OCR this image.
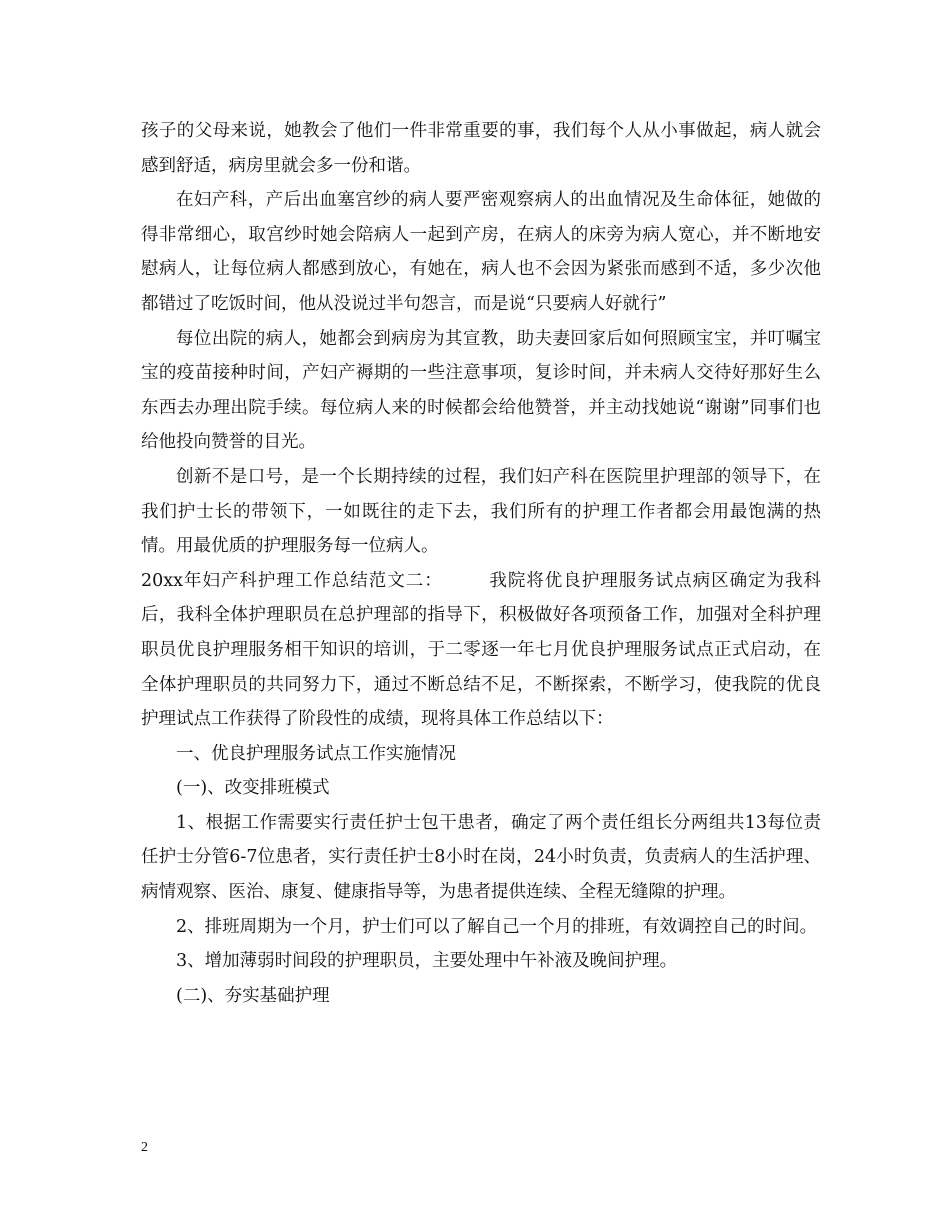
孩子的父母来说，她教会了他们一件非常重要的事，我们每个人从小事做起，病人就会感到舒适，病房里就会多一份和谐。

在妇产科，产后出血塞宫纱的病人要严密观察病人的出血情况及生命体征，她做的得非常细心，取宫纱时她会陪病人一起到产房，在病人的床旁为病人宽心，并不断地安慰病人，让每位病人都感到放心，有她在，病人也不会因为紧张而感到不适，多少次他都错过了吃饭时间，他从没说过半句怨言，而是说“只要病人好就行”

每位出院的病人，她都会到病房为其宣教，助夫妻回家后如何照顾宝宝，并叮嘱宝宝的疫苗接种时间，产妇产褥期的一些注意事项，复诊时间，并未病人交待好那好生么东西去办理出院手续。每位病人来的时候都会给他赞誉，并主动找她说“谢谢”同事们也给他投向赞誉的目光。

创新不是口号，是一个长期持续的过程，我们妇产科在医院里护理部的领导下，在我们护士长的带领下，一如既往的走下去，我们所有的护理工作者都会用最饱满的热情。用最优质的护理服务每一位病人。

20xx年妇产科护理工作总结范文二：　　　我院将优良护理服务试点病区确定为我科后，我科全体护理职员在总护理部的指导下，积极做好各项预备工作，加强对全科护理职员优良护理服务相干知识的培训，于二零逐一年七月优良护理服务试点正式启动，在全体护理职员的共同努力下，通过不断总结不足，不断探索，不断学习，使我院的优良护理试点工作获得了阶段性的成绩，现将具体工作总结以下：

一、优良护理服务试点工作实施情况

(一)、改变排班模式

1、根据工作需要实行责任护士包干患者，确定了两个责任组长分两组共13每位责任护士分管6-7位患者，实行责任护士8小时在岗，24小时负责，负责病人的生活护理、病情观察、医治、康复、健康指导等，为患者提供连续、全程无缝隙的护理。

2、排班周期为一个月，护士们可以了解自己一个月的排班，有效调控自己的时间。

3、增加薄弱时间段的护理职员，主要处理中午补液及晚间护理。

(二)、夯实基础护理

2
